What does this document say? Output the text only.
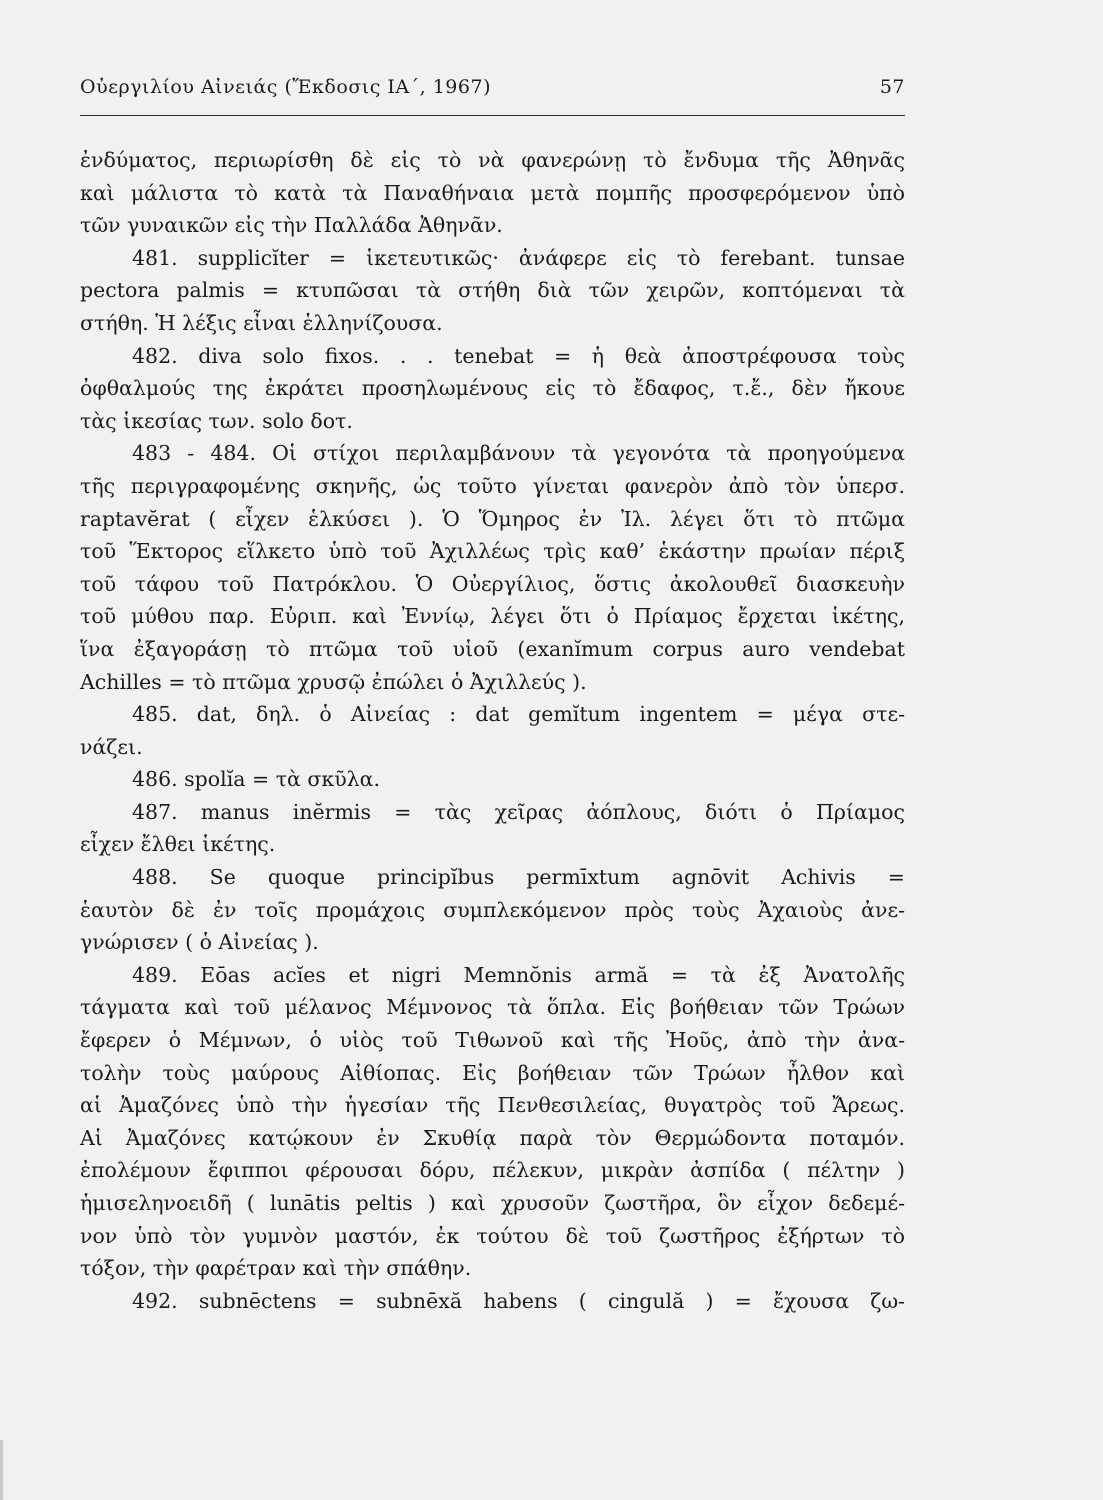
Οὐεργιλίου Αἰνειάς (Ἔκδοσις ΙΑ΄, 1967)	57
ἐνδύματος, περιωρίσθη δὲ εἰς τὸ νὰ φανερώνῃ τὸ ἔνδυμα τῆς Ἀθηνᾶς
καὶ μάλιστα τὸ κατὰ τὰ Παναθήναια μετὰ πομπῆς προσφερόμενον ὑπὸ
τῶν γυναικῶν εἰς τὴν Παλλάδα Ἀθηνᾶν.
481. supplicĭter = ἱκετευτικῶς· ἀνάφερε εἰς τὸ ferebant. tunsae
pectora palmis = κτυπῶσαι τὰ στήθη διὰ τῶν χειρῶν, κοπτόμεναι τὰ
στήθη. Ἡ λέξις εἶναι ἑλληνίζουσα.
482. diva solo fixos. . . tenebat = ἡ θεὰ ἀποστρέφουσα τοὺς
ὀφθαλμούς της ἐκράτει προσηλωμένους εἰς τὸ ἔδαφος, τ.ἔ., δὲν ἤκουε
τὰς ἱκεσίας των. solo δοτ.
483 - 484. Οἱ στίχοι περιλαμβάνουν τὰ γεγονότα τὰ προηγούμενα
τῆς περιγραφομένης σκηνῆς, ὡς τοῦτο γίνεται φανερὸν ἀπὸ τὸν ὑπερσ.
raptavĕrat ( εἶχεν ἑλκύσει ). Ὁ Ὅμηρος ἐν Ἰλ. λέγει ὅτι τὸ πτῶμα
τοῦ Ἕκτορος εἵλκετο ὑπὸ τοῦ Ἀχιλλέως τρὶς καθ’ ἑκάστην πρωίαν πέριξ
τοῦ τάφου τοῦ Πατρόκλου. Ὁ Οὐεργίλιος, ὅστις ἀκολουθεῖ διασκευὴν
τοῦ μύθου παρ. Εὐριπ. καὶ Ἐννίῳ, λέγει ὅτι ὁ Πρίαμος ἔρχεται ἱκέτης,
ἵνα ἐξαγοράσῃ τὸ πτῶμα τοῦ υἱοῦ (exanĭmum corpus auro vendebat
Achilles = τὸ πτῶμα χρυσῷ ἐπώλει ὁ Ἀχιλλεύς ).
485. dat, δηλ. ὁ Αἰνείας : dat gemĭtum ingentem = μέγα στε-
νάζει.
486. spolĭa = τὰ σκῦλα.
487. manus inĕrmis = τὰς χεῖρας ἀόπλους, διότι ὁ Πρίαμος
εἶχεν ἔλθει ἱκέτης.
488. Se quoque principĭbus permīxtum agnōvit Achivis =
ἑαυτὸν δὲ ἐν τοῖς προμάχοις συμπλεκόμενον πρὸς τοὺς Ἀχαιοὺς ἀνε-
γνώρισεν ( ὁ Αἰνείας ).
489. Eōas acĭes et nigri Memnŏnis armă = τὰ ἐξ Ἀνατολῆς
τάγματα καὶ τοῦ μέλανος Μέμνονος τὰ ὅπλα. Εἰς βοήθειαν τῶν Τρώων
ἔφερεν ὁ Μέμνων, ὁ υἱὸς τοῦ Τιθωνοῦ καὶ τῆς Ἠοῦς, ἀπὸ τὴν ἀνα-
τολὴν τοὺς μαύρους Αἰθίοπας. Εἰς βοήθειαν τῶν Τρώων ἦλθον καὶ
αἱ Ἀμαζόνες ὑπὸ τὴν ἡγεσίαν τῆς Πενθεσιλείας, θυγατρὸς τοῦ Ἄρεως.
Αἱ Ἀμαζόνες κατῴκουν ἐν Σκυθίᾳ παρὰ τὸν Θερμώδοντα ποταμόν.
ἐπολέμουν ἔφιπποι φέρουσαι δόρυ, πέλεκυν, μικρὰν ἀσπίδα ( πέλτην )
ἡμισεληνοειδῆ ( lunātis peltis ) καὶ χρυσοῦν ζωστῆρα, ὃν εἶχον δεδεμέ-
νον ὑπὸ τὸν γυμνὸν μαστόν, ἐκ τούτου δὲ τοῦ ζωστῆρος ἐξήρτων τὸ
τόξον, τὴν φαρέτραν καὶ τὴν σπάθην.
492. subnēctens = subnēxă habens ( cingulă ) = ἔχουσα ζω-
